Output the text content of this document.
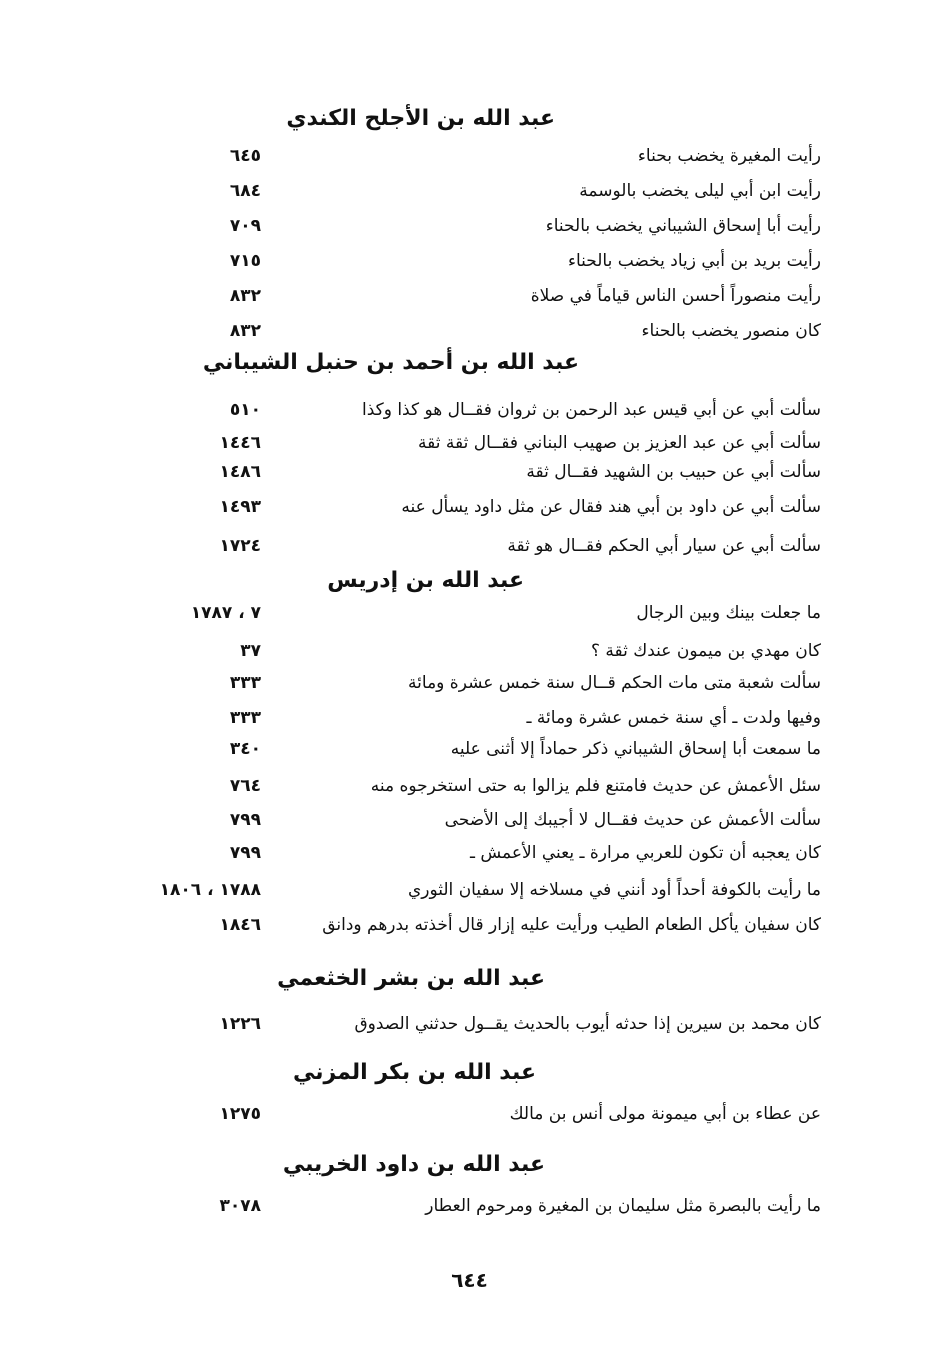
عبد الله بن الأجلح الكندي
رأيت المغيرة يخضب بحناء
٦٤٥
رأيت ابن أبي ليلى يخضب بالوسمة
٦٨٤
رأيت أبا إسحاق الشيباني يخضب بالحناء
٧٠٩
رأيت بريد بن أبي زياد يخضب بالحناء
٧١٥
رأيت منصوراً أحسن الناس قياماً في صلاة
٨٣٢
كان منصور يخضب بالحناء
٨٣٢
عبد الله بن أحمد بن حنبل الشيباني
سألت أبي عن أبي قيس عبد الرحمن بن ثروان فقــال هو كذا وكذا
٥١٠
سألت أبي عن عبد العزيز بن صهيب البناني فقــال ثقة ثقة
١٤٤٦
سألت أبي عن حبيب بن الشهيد فقــال ثقة
١٤٨٦
سألت أبي عن داود بن أبي هند فقال عن مثل داود يسأل عنه
١٤٩٣
سألت أبي عن سيار أبي الحكم فقــال هو ثقة
١٧٢٤
عبد الله بن إدريس
ما جعلت بينك وبين الرجال
٧ ، ١٧٨٧
كان مهدي بن ميمون عندك ثقة ؟
٣٧
سألت شعبة متى مات الحكم قــال سنة خمس عشرة ومائة
٣٣٣
وفيها ولدت ـ أي سنة خمس عشرة ومائة ـ
٣٣٣
ما سمعت أبا إسحاق الشيباني ذكر حماداً إلا أثنى عليه
٣٤٠
سئل الأعمش عن حديث فامتنع فلم يزالوا به حتى استخرجوه منه
٧٦٤
سألت الأعمش عن حديث فقــال لا أجيبك إلى الأضحى
٧٩٩
كان يعجبه أن تكون للعربي مرارة ـ يعني الأعمش ـ
٧٩٩
ما رأيت بالكوفة أحداً أود أنني في مسلاخه إلا سفيان الثوري
١٧٨٨ ، ١٨٠٦
كان سفيان يأكل الطعام الطيب ورأيت عليه إزار قال أخذته بدرهم ودانق
١٨٤٦
عبد الله بن بشر الخثعمي
كان محمد بن سيرين إذا حدثه أيوب بالحديث يقــول حدثني الصدوق
١٢٢٦
عبد الله بن بكر المزني
عن عطاء بن أبي ميمونة مولى أنس بن مالك
١٢٧٥
عبد الله بن داود الخريبي
ما رأيت بالبصرة مثل سليمان بن المغيرة ومرحوم العطار
٣٠٧٨
٦٤٤
